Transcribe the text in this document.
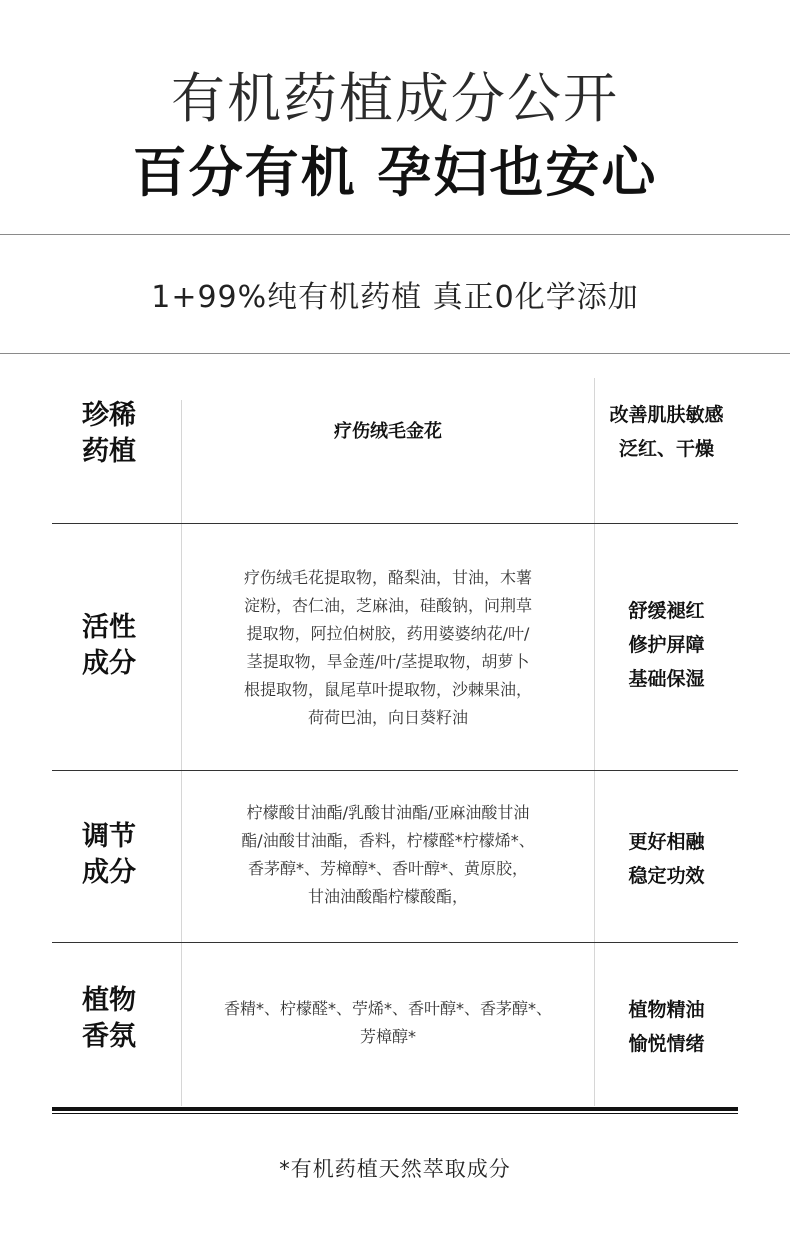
有机药植成分公开
百分有机 孕妇也安心
1+99%纯有机药植 真正0化学添加
珍稀
药植
疗伤绒毛金花
改善肌肤敏感
泛红、干燥
活性
成分
疗伤绒毛花提取物，酪梨油，甘油，木薯
淀粉，杏仁油，芝麻油，硅酸钠，问荆草
提取物，阿拉伯树胶，药用婆婆纳花/叶/
茎提取物，旱金莲/叶/茎提取物，胡萝卜
根提取物，鼠尾草叶提取物，沙棘果油，
荷荷巴油，向日葵籽油
舒缓褪红
修护屏障
基础保湿
调节
成分
柠檬酸甘油酯/乳酸甘油酯/亚麻油酸甘油
酯/油酸甘油酯，香料，柠檬醛*柠檬烯*、
香茅醇*、芳樟醇*、香叶醇*、黄原胶，
甘油油酸酯柠檬酸酯，
更好相融
稳定功效
植物
香氛
香精*、柠檬醛*、苧烯*、香叶醇*、香茅醇*、
芳樟醇*
植物精油
愉悦情绪
*有机药植天然萃取成分
